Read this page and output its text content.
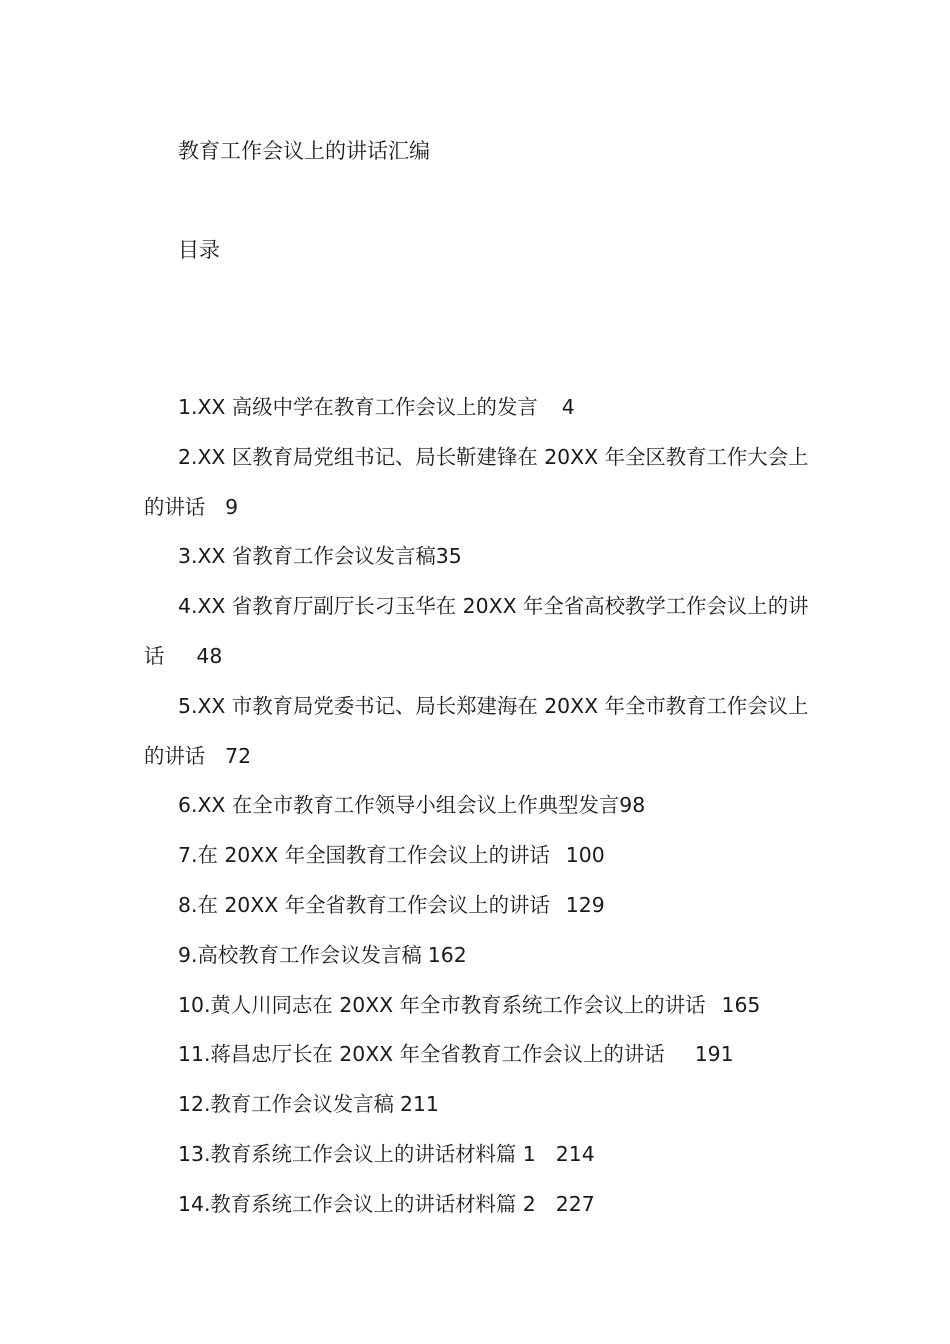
教育工作会议上的讲话汇编
目录
1.XX 高级中学在教育工作会议上的发言 4
2.XX 区教育局党组书记、局长靳建锋在 20XX 年全区教育工作大会上的讲话 9
3.XX 省教育工作会议发言稿35
4.XX 省教育厅副厅长刁玉华在 20XX 年全省高校教学工作会议上的讲话 48
5.XX 市教育局党委书记、局长郑建海在 20XX 年全市教育工作会议上的讲话 72
6.XX 在全市教育工作领导小组会议上作典型发言98
7.在 20XX 年全国教育工作会议上的讲话 100
8.在 20XX 年全省教育工作会议上的讲话 129
9.高校教育工作会议发言稿 162
10.黄人川同志在 20XX 年全市教育系统工作会议上的讲话 165
11.蒋昌忠厅长在 20XX 年全省教育工作会议上的讲话 191
12.教育工作会议发言稿 211
13.教育系统工作会议上的讲话材料篇 1 214
14.教育系统工作会议上的讲话材料篇 2 227
